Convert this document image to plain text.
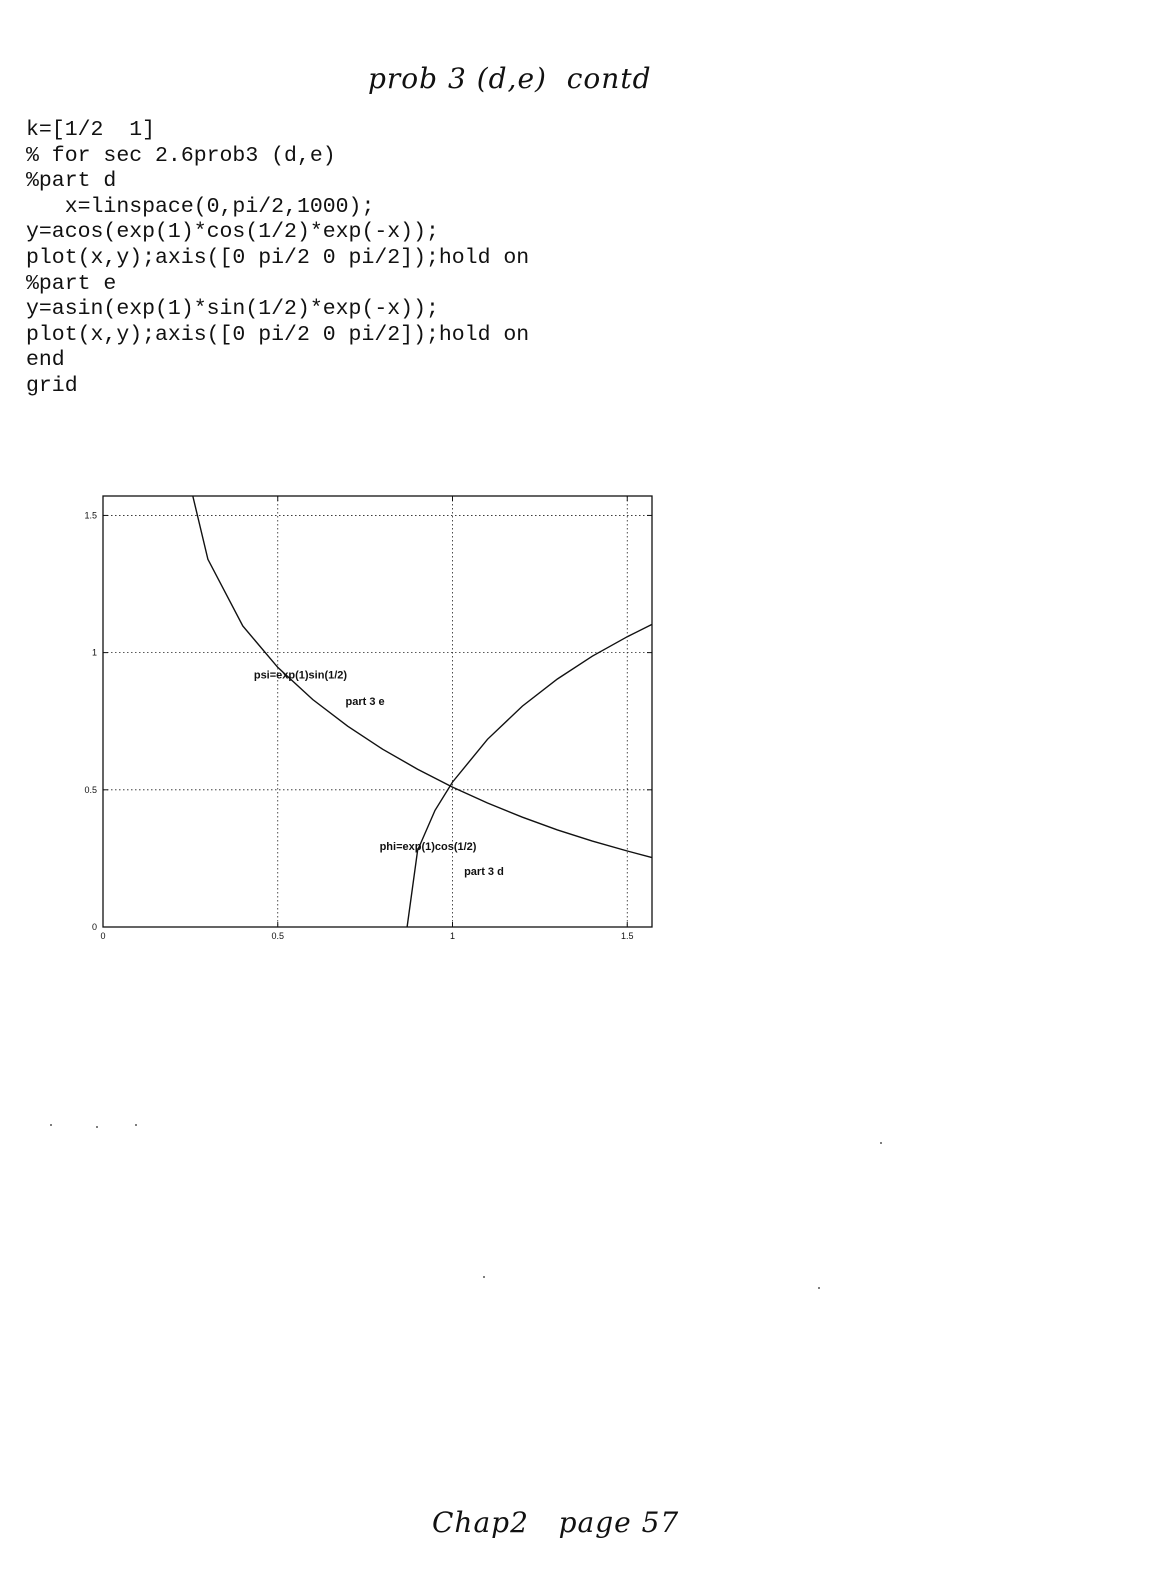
prob 3 (d,e)  contd
k=[1/2  1]
% for sec 2.6prob3 (d,e)
%part d
x=linspace(0,pi/2,1000);
y=acos(exp(1)*cos(1/2)*exp(-x));
plot(x,y);axis([0 pi/2 0 pi/2]);hold on
%part e
y=asin(exp(1)*sin(1/2)*exp(-x));
plot(x,y);axis([0 pi/2 0 pi/2]);hold on
end
grid
0	0.5	1	1.5
0
0.5
1
1.5
psi=exp(1)sin(1/2)
part 3 e
phi=exp(1)cos(1/2)
part 3 d
Chap2   page 57
